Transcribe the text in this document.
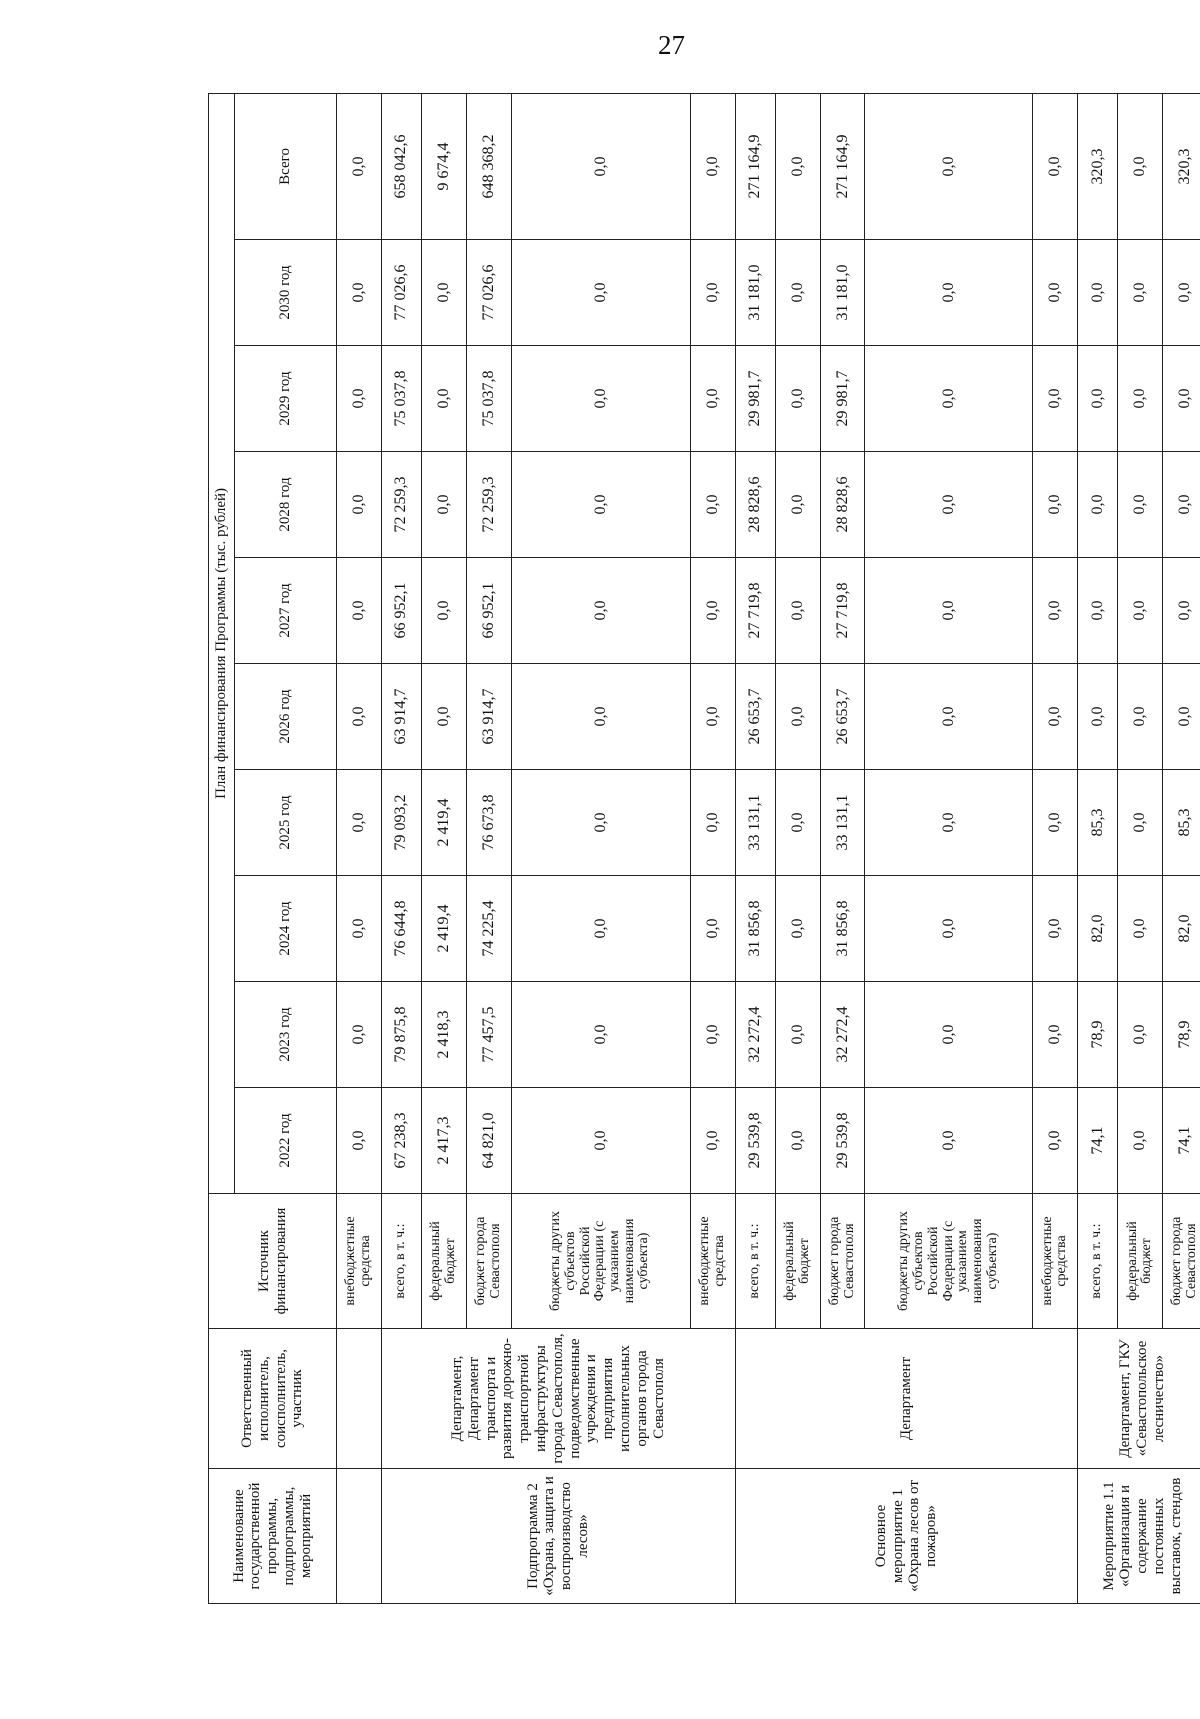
27
Наименование государственной программы, подпрограммы, мероприятий	Ответственный исполнитель, соисполнитель, участник	Источник финансирования	План финансирования Программы (тыс. рублей)									
			2022 год	2023 год	2024 год	2025 год	2026 год	2027 год	2028 год	2029 год	2030 год	Всего
		внебюджетные средства	0,0	0,0	0,0	0,0	0,0	0,0	0,0	0,0	0,0	0,0
Подпрограмма 2 «Охрана, защита и воспроизводство лесов»	Департамент, Департамент транспорта и развития дорожно-транспортной инфраструктуры города Севастополя, подведомственные учреждения и предприятия исполнительных органов города Севастополя	всего, в т. ч.:	67 238,3	79 875,8	76 644,8	79 093,2	63 914,7	66 952,1	72 259,3	75 037,8	77 026,6	658 042,6
		федеральный бюджет	2 417,3	2 418,3	2 419,4	2 419,4	0,0	0,0	0,0	0,0	0,0	9 674,4
		бюджет города Севастополя	64 821,0	77 457,5	74 225,4	76 673,8	63 914,7	66 952,1	72 259,3	75 037,8	77 026,6	648 368,2
		бюджеты других субъектов Российской Федерации (с указанием наименования субъекта)	0,0	0,0	0,0	0,0	0,0	0,0	0,0	0,0	0,0	0,0
		внебюджетные средства	0,0	0,0	0,0	0,0	0,0	0,0	0,0	0,0	0,0	0,0
Основное мероприятие 1 «Охрана лесов от пожаров»	Департамент	всего, в т. ч.:	29 539,8	32 272,4	31 856,8	33 131,1	26 653,7	27 719,8	28 828,6	29 981,7	31 181,0	271 164,9
		федеральный бюджет	0,0	0,0	0,0	0,0	0,0	0,0	0,0	0,0	0,0	0,0
		бюджет города Севастополя	29 539,8	32 272,4	31 856,8	33 131,1	26 653,7	27 719,8	28 828,6	29 981,7	31 181,0	271 164,9
		бюджеты других субъектов Российской Федерации (с указанием наименования субъекта)	0,0	0,0	0,0	0,0	0,0	0,0	0,0	0,0	0,0	0,0
		внебюджетные средства	0,0	0,0	0,0	0,0	0,0	0,0	0,0	0,0	0,0	0,0
Мероприятие 1.1 «Организация и содержание постоянных выставок, стендов	Департамент, ГКУ «Севастопольское лесничество»	всего, в т. ч.:	74,1	78,9	82,0	85,3	0,0	0,0	0,0	0,0	0,0	320,3
		федеральный бюджет	0,0	0,0	0,0	0,0	0,0	0,0	0,0	0,0	0,0	0,0
		бюджет города Севастополя	74,1	78,9	82,0	85,3	0,0	0,0	0,0	0,0	0,0	320,3
